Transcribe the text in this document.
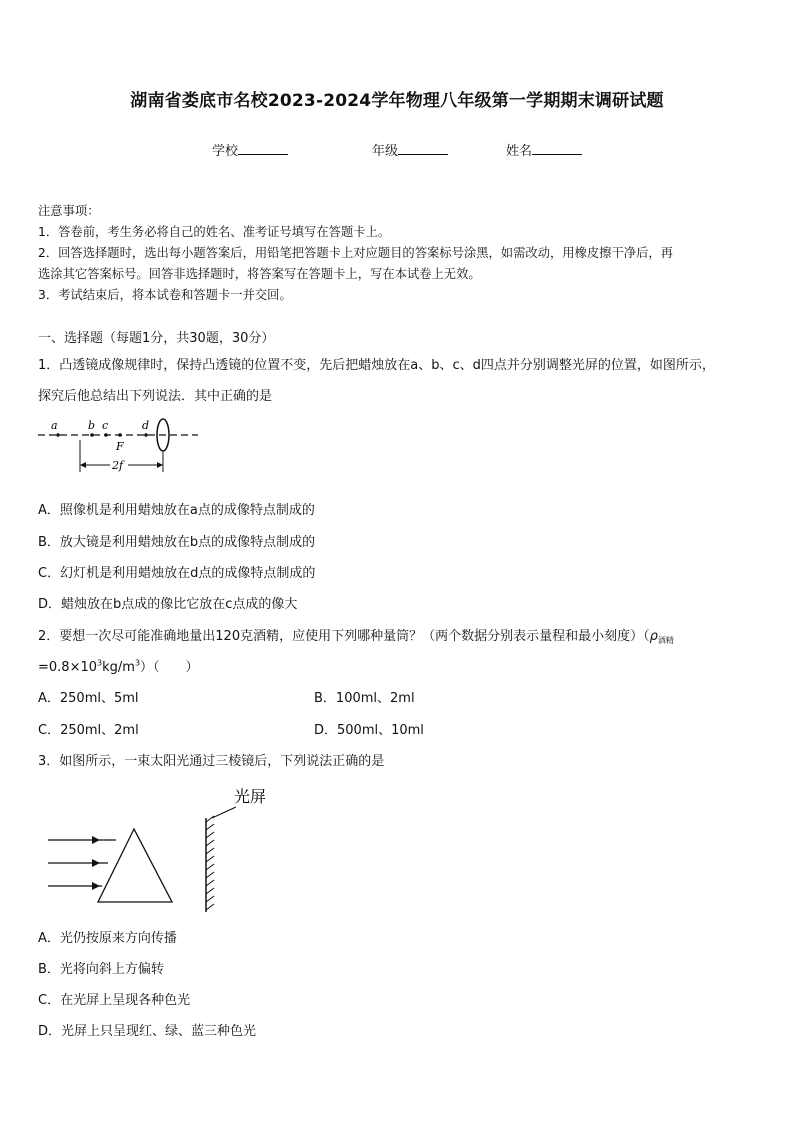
湖南省娄底市名校2023-2024学年物理八年级第一学期期末调研试题
学校	年级	姓名
注意事项：
1．答卷前，考生务必将自己的姓名、准考证号填写在答题卡上。
2．回答选择题时，选出每小题答案后，用铅笔把答题卡上对应题目的答案标号涂黑，如需改动，用橡皮擦干净后，再
选涂其它答案标号。回答非选择题时，将答案写在答题卡上，写在本试卷上无效。
3．考试结束后，将本试卷和答题卡一并交回。
一、选择题（每题1分，共30题，30分）
1．凸透镜成像规律时，保持凸透镜的位置不变，先后把蜡烛放在a、b、c、d四点并分别调整光屏的位置，如图所示，
探究后他总结出下列说法．其中正确的是
a	b c	d
F
2f
A．照像机是利用蜡烛放在a点的成像特点制成的
B．放大镜是利用蜡烛放在b点的成像特点制成的
C．幻灯机是利用蜡烛放在d点的成像特点制成的
D．蜡烛放在b点成的像比它放在c点成的像大
2．要想一次尽可能准确地量出120克酒精，应使用下列哪种量筒？（两个数据分别表示量程和最小刻度）（$\rho_{酒精}$
$=0.8\times 10^3kg/m^3$）（　　）
A．250ml、5ml	B．100ml、2ml
C．250ml、2ml	D．500ml、10ml
3．如图所示，一束太阳光通过三棱镜后，下列说法正确的是
光屏
A．光仍按原来方向传播
B．光将向斜上方偏转
C．在光屏上呈现各种色光
D．光屏上只呈现红、绿、蓝三种色光
